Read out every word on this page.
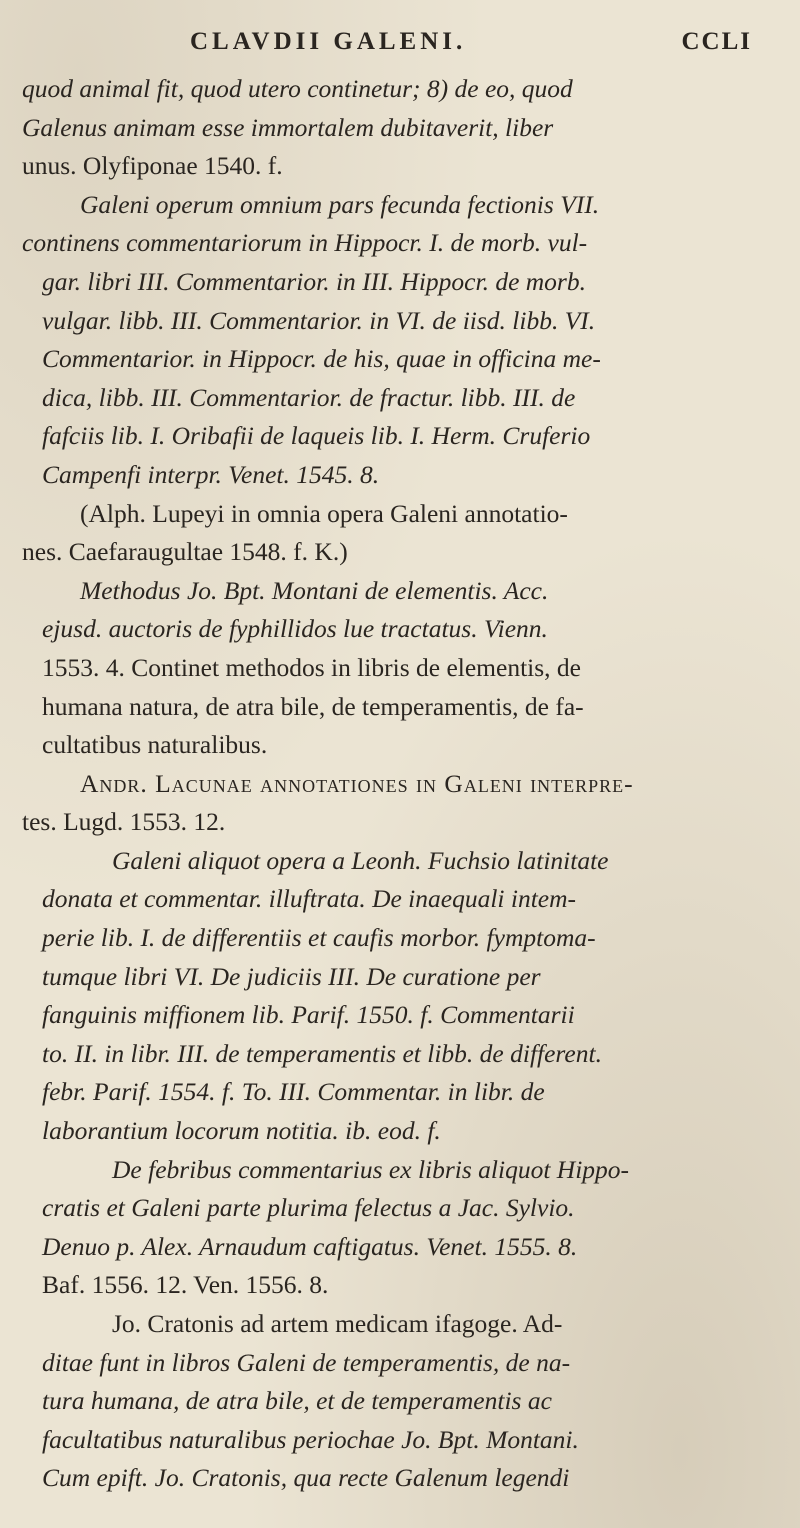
CLAVDII GALENI.	CCLI
quod animal fit, quod utero continetur; 8) de eo, quod
Galenus animam esse immortalem dubitaverit, liber
unus. Olyfiponae 1540. f.
Galeni operum omnium pars fecunda fectionis VII.
continens commentariorum in Hippocr. I. de morb. vul-
gar. libri III. Commentarior. in III. Hippocr. de morb.
vulgar. libb. III. Commentarior. in VI. de iisd. libb. VI.
Commentarior. in Hippocr. de his, quae in officina me-
dica, libb. III. Commentarior. de fractur. libb. III. de
fafciis lib. I. Oribafii de laqueis lib. I. Herm. Cruferio
Campenfi interpr. Venet. 1545. 8.
(Alph. Lupeyi in omnia opera Galeni annotatio-
nes. Caefaraugultae 1548. f. K.)
Methodus Jo. Bpt. Montani de elementis. Acc.
ejusd. auctoris de fyphillidos lue tractatus. Vienn.
1553. 4. Continet methodos in libris de elementis, de
humana natura, de atra bile, de temperamentis, de fa-
cultatibus naturalibus.
Andr. Lacunae annotationes in Galeni interpre-
tes. Lugd. 1553. 12.
Galeni aliquot opera a Leonh. Fuchsio latinitate
donata et commentar. illuftrata. De inaequali intem-
perie lib. I. de differentiis et caufis morbor. fymptoma-
tumque libri VI. De judiciis III. De curatione per
fanguinis miffionem lib. Parif. 1550. f. Commentarii
to. II. in libr. III. de temperamentis et libb. de different.
febr. Parif. 1554. f. To. III. Commentar. in libr. de
laborantium locorum notitia. ib. eod. f.
De febribus commentarius ex libris aliquot Hippo-
cratis et Galeni parte plurima felectus a Jac. Sylvio.
Denuo p. Alex. Arnaudum caftigatus. Venet. 1555. 8.
Baf. 1556. 12. Ven. 1556. 8.
Jo. Cratonis ad artem medicam ifagoge. Ad-
ditae funt in libros Galeni de temperamentis, de na-
tura humana, de atra bile, et de temperamentis ac
facultatibus naturalibus periochae Jo. Bpt. Montani.
Cum epift. Jo. Cratonis, qua recte Galenum legendi
